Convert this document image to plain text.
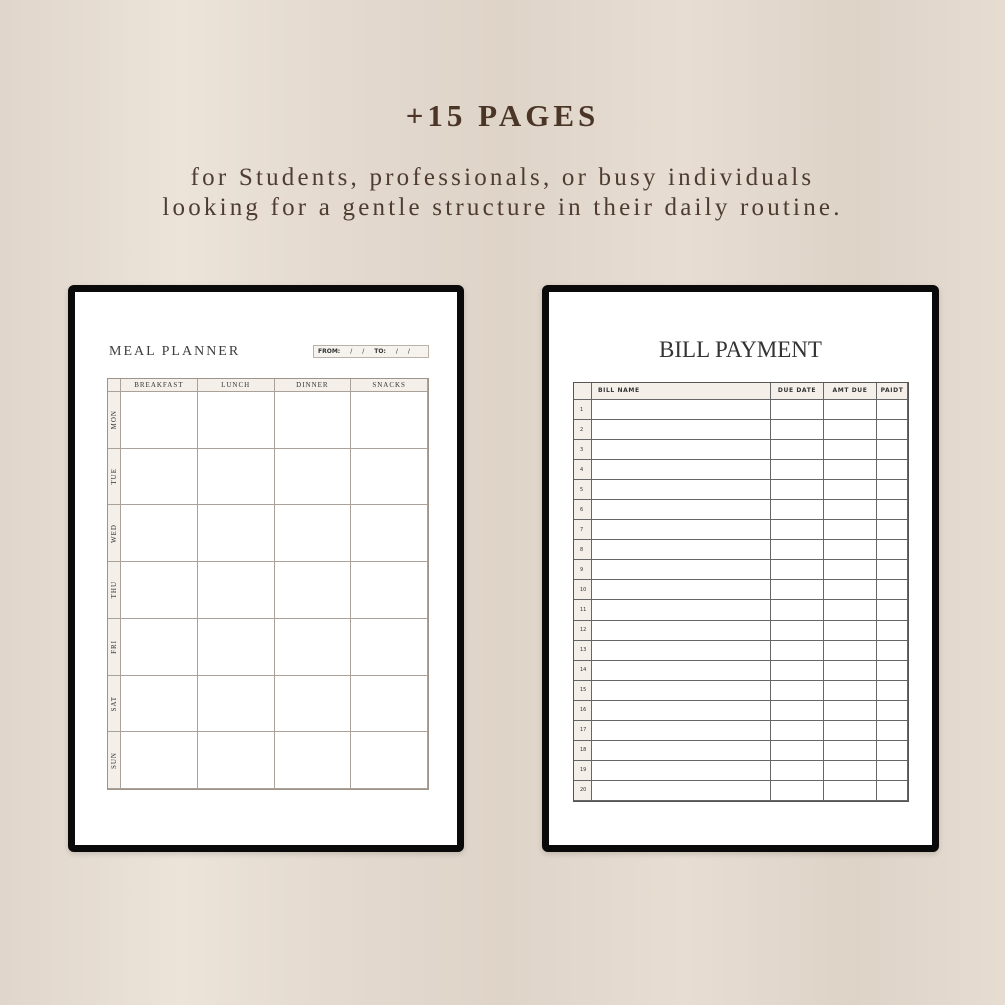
+15 PAGES

for Students, professionals, or busy individuals looking for a gentle structure in their daily routine.

MEAL PLANNER	FROM: / / TO: / /
BREAKFAST	LUNCH	DINNER	SNACKS
MON
TUE
WED
THU
FRI
SAT
SUN
BILL PAYMENT
BILL NAME	DUE DATE	AMT DUE	PAIDT
1
2
3
4
5
6
7
8
9
10
11
12
13
14
15
16
17
18
19
20
